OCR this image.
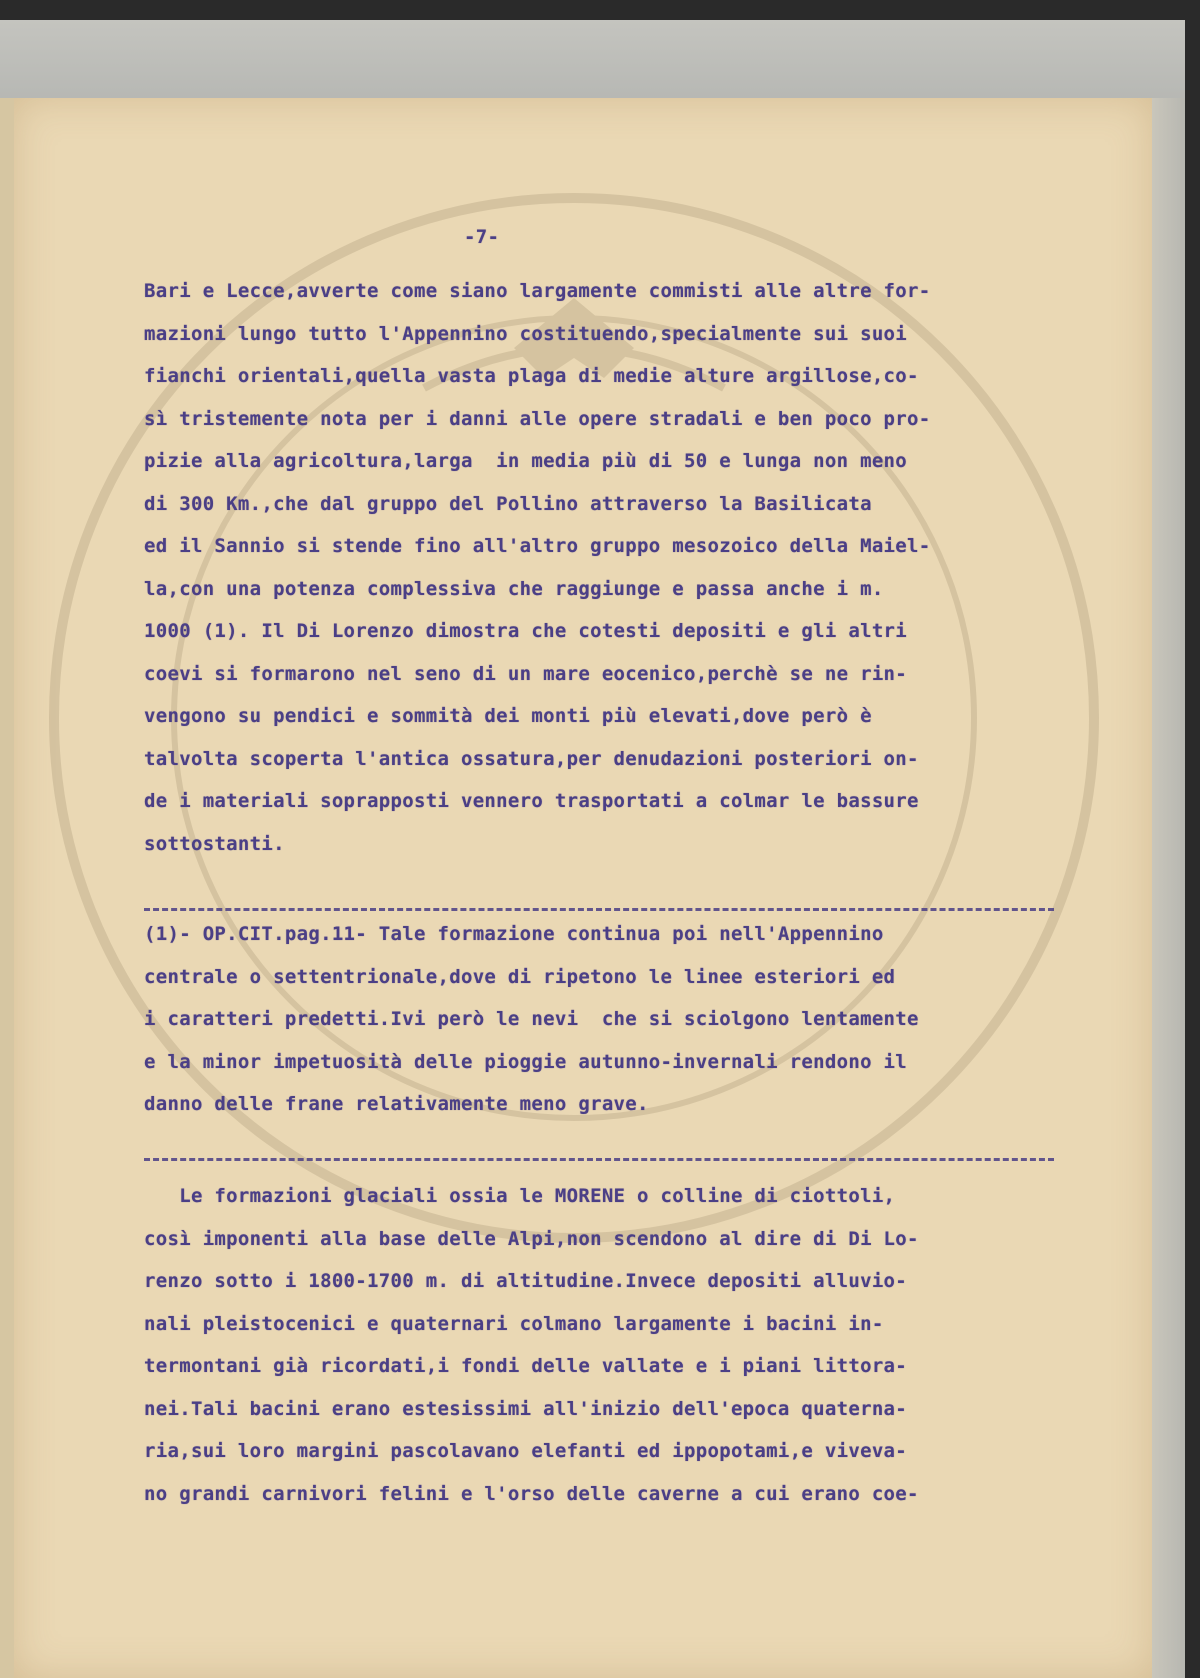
-7-
Bari e Lecce,avverte come siano largamente commisti alle altre for-
mazioni lungo tutto l'Appennino costituendo,specialmente sui suoi
fianchi orientali,quella vasta plaga di medie alture argillose,co-
sì tristemente nota per i danni alle opere stradali e ben poco pro-
pizie alla agricoltura,larga  in media più di 50 e lunga non meno
di 300 Km.,che dal gruppo del Pollino attraverso la Basilicata
ed il Sannio si stende fino all'altro gruppo mesozoico della Maiel-
la,con una potenza complessiva che raggiunge e passa anche i m.
1000 (1). Il Di Lorenzo dimostra che cotesti depositi e gli altri
coevi si formarono nel seno di un mare eocenico,perchè se ne rin-
vengono su pendici e sommità dei monti più elevati,dove però è
talvolta scoperta l'antica ossatura,per denudazioni posteriori on-
de i materiali soprapposti vennero trasportati a colmar le bassure
sottostanti.
(1)- OP.CIT.pag.11- Tale formazione continua poi nell'Appennino
centrale o settentrionale,dove di ripetono le linee esteriori ed
i caratteri predetti.Ivi però le nevi  che si sciolgono lentamente
e la minor impetuosità delle pioggie autunno-invernali rendono il
danno delle frane relativamente meno grave.
Le formazioni glaciali ossia le MORENE o colline di ciottoli,
così imponenti alla base delle Alpi,non scendono al dire di Di Lo-
renzo sotto i 1800-1700 m. di altitudine.Invece depositi alluvio-
nali pleistocenici e quaternari colmano largamente i bacini in-
termontani già ricordati,i fondi delle vallate e i piani littora-
nei.Tali bacini erano estesissimi all'inizio dell'epoca quaterna-
ria,sui loro margini pascolavano elefanti ed ippopotami,e viveva-
no grandi carnivori felini e l'orso delle caverne a cui erano coe-
